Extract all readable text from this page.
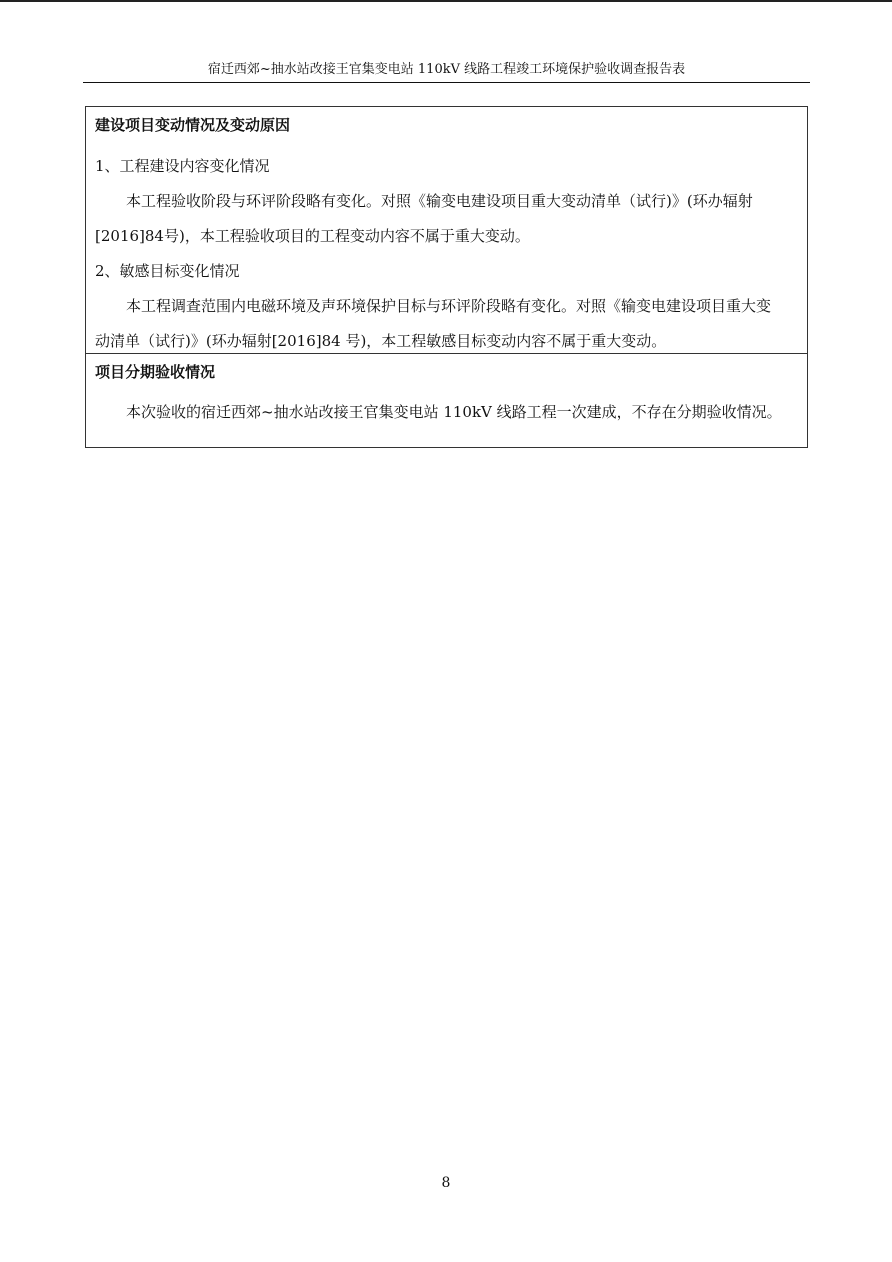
宿迁西郊~抽水站改接王官集变电站 110kV 线路工程竣工环境保护验收调查报告表
建设项目变动情况及变动原因
1、工程建设内容变化情况
本工程验收阶段与环评阶段略有变化。对照《输变电建设项目重大变动清单（试行)》(环办辐射
[2016]84号)，本工程验收项目的工程变动内容不属于重大变动。
2、敏感目标变化情况
本工程调查范围内电磁环境及声环境保护目标与环评阶段略有变化。对照《输变电建设项目重大变
动清单（试行)》(环办辐射[2016]84 号)，本工程敏感目标变动内容不属于重大变动。
项目分期验收情况
本次验收的宿迁西郊~抽水站改接王官集变电站 110kV 线路工程一次建成，不存在分期验收情况。
8
